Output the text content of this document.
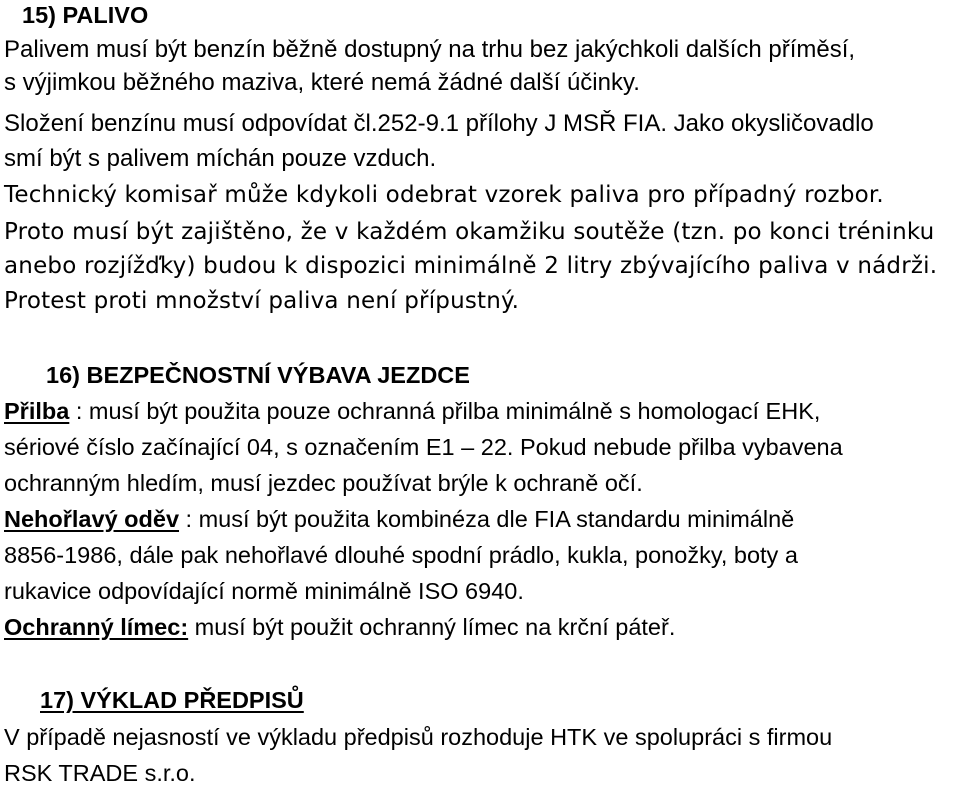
15) PALIVO
Palivem musí být benzín běžně dostupný na trhu bez jakýchkoli dalších příměsí,
s výjimkou běžného maziva, které nemá žádné další účinky.
Složení benzínu musí odpovídat čl.252-9.1 přílohy J MSŘ FIA. Jako okysličovadlo
smí být s palivem míchán pouze vzduch.
Technický komisař může kdykoli odebrat vzorek paliva pro případný rozbor.
Proto musí být zajištěno, že v každém okamžiku soutěže (tzn. po konci tréninku
anebo rozjížďky) budou k dispozici minimálně 2 litry zbývajícího paliva v nádrži.
Protest proti množství paliva není přípustný.
16) BEZPEČNOSTNÍ VÝBAVA JEZDCE
Přilba : musí být použita pouze ochranná přilba minimálně s homologací EHK,
sériové číslo začínající 04, s označením E1 – 22. Pokud nebude přilba vybavena
ochranným hledím, musí jezdec používat brýle k ochraně očí.
Nehořlavý oděv : musí být použita kombinéza dle FIA standardu minimálně
8856-1986, dále pak nehořlavé dlouhé spodní prádlo, kukla, ponožky, boty a
rukavice odpovídající normě minimálně ISO 6940.
Ochranný límec: musí být použit ochranný límec na krční páteř.
17) VÝKLAD PŘEDPISŮ
V případě nejasností ve výkladu předpisů rozhoduje HTK ve spolupráci s firmou
RSK TRADE s.r.o.
